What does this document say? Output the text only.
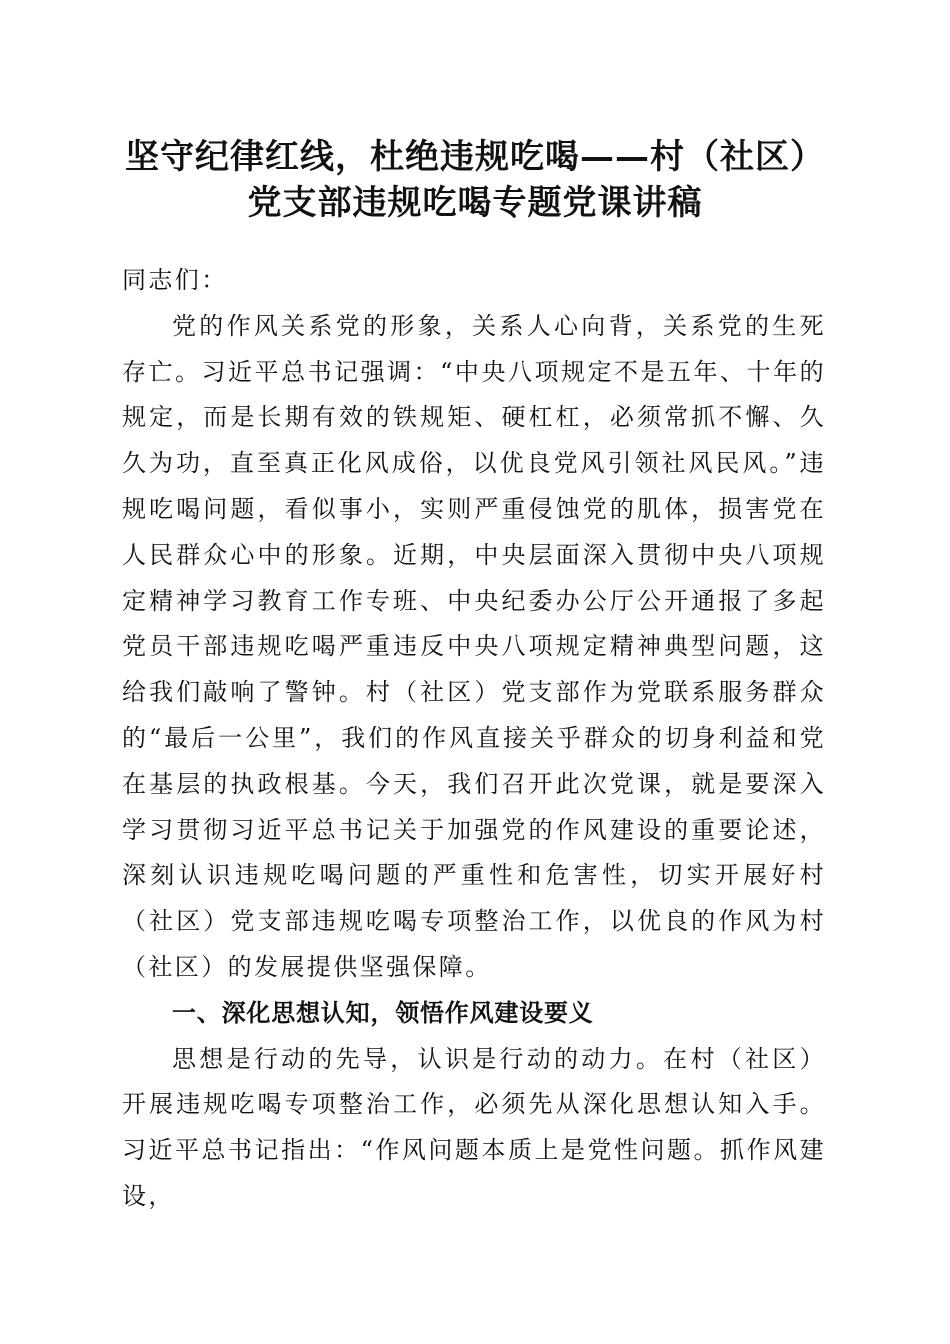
坚守纪律红线，杜绝违规吃喝——村（社区）
党支部违规吃喝专题党课讲稿

同志们：

党的作风关系党的形象，关系人心向背，关系党的生死存亡。习近平总书记强调：“中央八项规定不是五年、十年的规定，而是长期有效的铁规矩、硬杠杠，必须常抓不懈、久久为功，直至真正化风成俗，以优良党风引领社风民风。”违规吃喝问题，看似事小，实则严重侵蚀党的肌体，损害党在人民群众心中的形象。近期，中央层面深入贯彻中央八项规定精神学习教育工作专班、中央纪委办公厅公开通报了多起党员干部违规吃喝严重违反中央八项规定精神典型问题，这给我们敲响了警钟。村（社区）党支部作为党联系服务群众的“最后一公里”，我们的作风直接关乎群众的切身利益和党在基层的执政根基。今天，我们召开此次党课，就是要深入学习贯彻习近平总书记关于加强党的作风建设的重要论述，深刻认识违规吃喝问题的严重性和危害性，切实开展好村（社区）党支部违规吃喝专项整治工作，以优良的作风为村（社区）的发展提供坚强保障。

一、深化思想认知，领悟作风建设要义

思想是行动的先导，认识是行动的动力。在村（社区）开展违规吃喝专项整治工作，必须先从深化思想认知入手。习近平总书记指出：“作风问题本质上是党性问题。抓作风建设，
